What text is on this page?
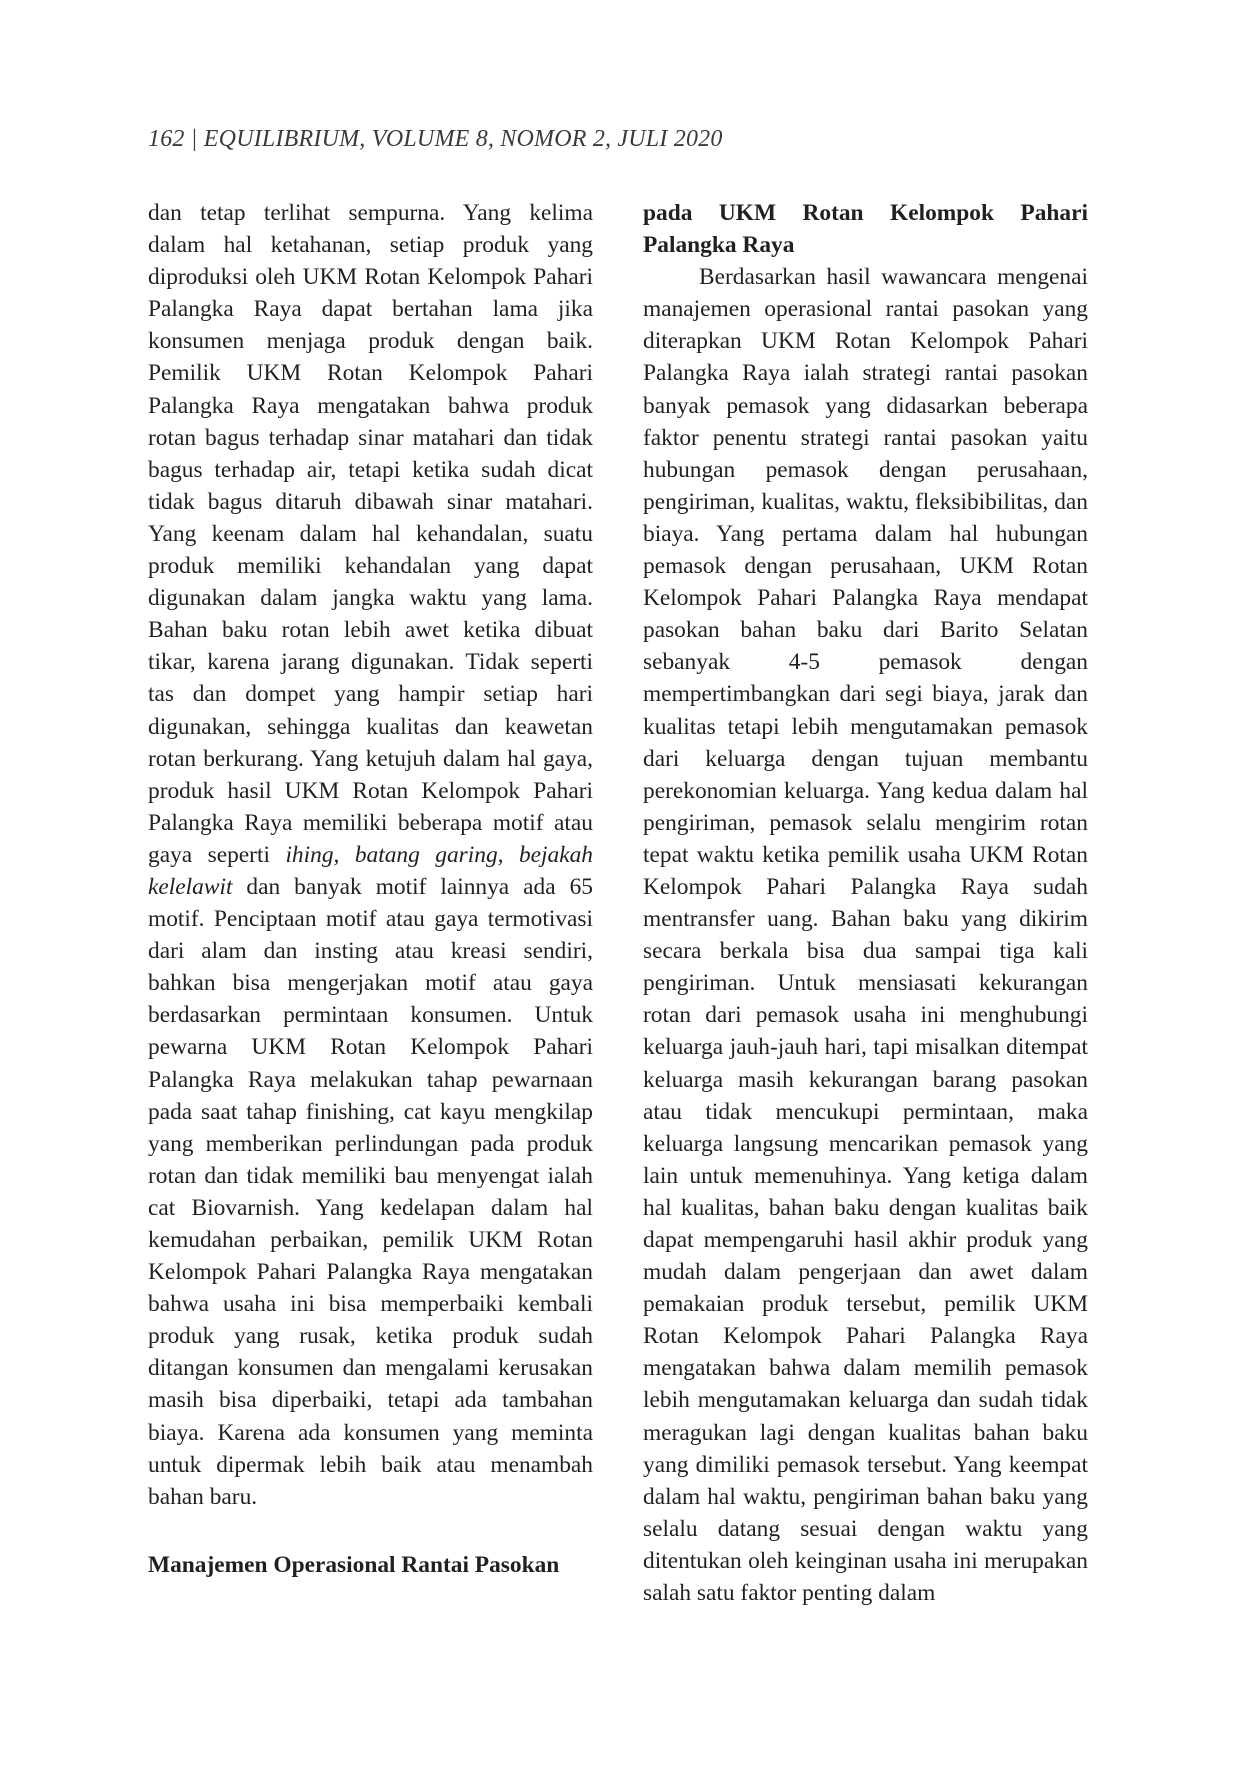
162 | EQUILIBRIUM, VOLUME 8, NOMOR 2, JULI 2020

dan tetap terlihat sempurna. Yang kelima dalam hal ketahanan, setiap produk yang diproduksi oleh UKM Rotan Kelompok Pahari Palangka Raya dapat bertahan lama jika konsumen menjaga produk dengan baik. Pemilik UKM Rotan Kelompok Pahari Palangka Raya mengatakan bahwa produk rotan bagus terhadap sinar matahari dan tidak bagus terhadap air, tetapi ketika sudah dicat tidak bagus ditaruh dibawah sinar matahari. Yang keenam dalam hal kehandalan, suatu produk memiliki kehandalan yang dapat digunakan dalam jangka waktu yang lama. Bahan baku rotan lebih awet ketika dibuat tikar, karena jarang digunakan. Tidak seperti tas dan dompet yang hampir setiap hari digunakan, sehingga kualitas dan keawetan rotan berkurang. Yang ketujuh dalam hal gaya, produk hasil UKM Rotan Kelompok Pahari Palangka Raya memiliki beberapa motif atau gaya seperti ihing, batang garing, bejakah kelelawit dan banyak motif lainnya ada 65 motif. Penciptaan motif atau gaya termotivasi dari alam dan insting atau kreasi sendiri, bahkan bisa mengerjakan motif atau gaya berdasarkan permintaan konsumen. Untuk pewarna UKM Rotan Kelompok Pahari Palangka Raya melakukan tahap pewarnaan pada saat tahap finishing, cat kayu mengkilap yang memberikan perlindungan pada produk rotan dan tidak memiliki bau menyengat ialah cat Biovarnish. Yang kedelapan dalam hal kemudahan perbaikan, pemilik UKM Rotan Kelompok Pahari Palangka Raya mengatakan bahwa usaha ini bisa memperbaiki kembali produk yang rusak, ketika produk sudah ditangan konsumen dan mengalami kerusakan masih bisa diperbaiki, tetapi ada tambahan biaya. Karena ada konsumen yang meminta untuk dipermak lebih baik atau menambah bahan baru.

Manajemen Operasional Rantai Pasokan
pada UKM Rotan Kelompok Pahari Palangka Raya

Berdasarkan hasil wawancara mengenai manajemen operasional rantai pasokan yang diterapkan UKM Rotan Kelompok Pahari Palangka Raya ialah strategi rantai pasokan banyak pemasok yang didasarkan beberapa faktor penentu strategi rantai pasokan yaitu hubungan pemasok dengan perusahaan, pengiriman, kualitas, waktu, fleksibibilitas, dan biaya. Yang pertama dalam hal hubungan pemasok dengan perusahaan, UKM Rotan Kelompok Pahari Palangka Raya mendapat pasokan bahan baku dari Barito Selatan sebanyak 4-5 pemasok dengan mempertimbangkan dari segi biaya, jarak dan kualitas tetapi lebih mengutamakan pemasok dari keluarga dengan tujuan membantu perekonomian keluarga. Yang kedua dalam hal pengiriman, pemasok selalu mengirim rotan tepat waktu ketika pemilik usaha UKM Rotan Kelompok Pahari Palangka Raya sudah mentransfer uang. Bahan baku yang dikirim secara berkala bisa dua sampai tiga kali pengiriman. Untuk mensiasati kekurangan rotan dari pemasok usaha ini menghubungi keluarga jauh-jauh hari, tapi misalkan ditempat keluarga masih kekurangan barang pasokan atau tidak mencukupi permintaan, maka keluarga langsung mencarikan pemasok yang lain untuk memenuhinya. Yang ketiga dalam hal kualitas, bahan baku dengan kualitas baik dapat mempengaruhi hasil akhir produk yang mudah dalam pengerjaan dan awet dalam pemakaian produk tersebut, pemilik UKM Rotan Kelompok Pahari Palangka Raya mengatakan bahwa dalam memilih pemasok lebih mengutamakan keluarga dan sudah tidak meragukan lagi dengan kualitas bahan baku yang dimiliki pemasok tersebut. Yang keempat dalam hal waktu, pengiriman bahan baku yang selalu datang sesuai dengan waktu yang ditentukan oleh keinginan usaha ini merupakan salah satu faktor penting dalam
